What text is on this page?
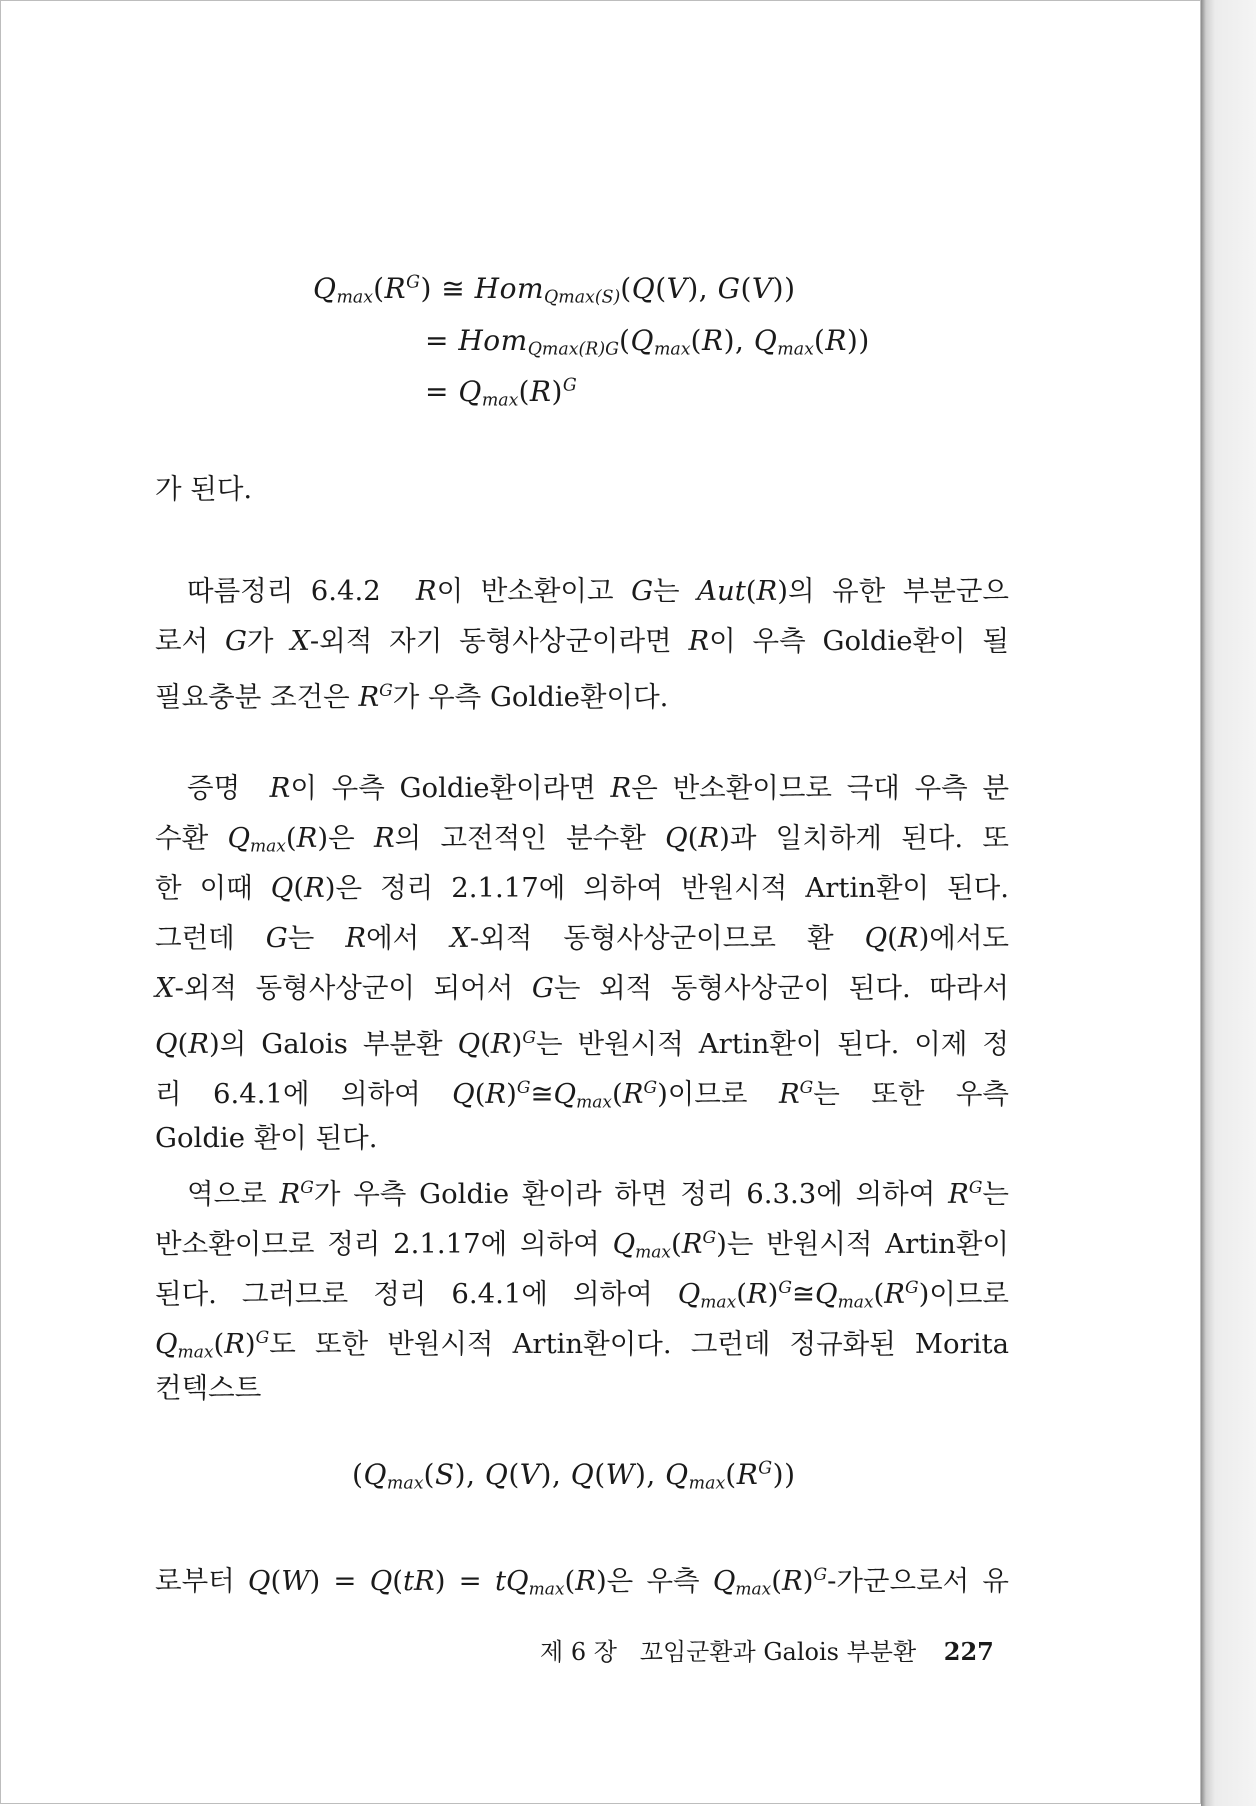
$Q_{max}(R^G)$ ≅ Hom$_{Qmax(S)}$(Q(V), G(V))
= $Hom_{Qmax(R)G}(Q_{max}(R)$, $Q_{max}(R)$)
= $Q_{max}(R)^G$
가 된다.
따름정리 6.4.2 R이 반소환이고 G는 Aut(R)의 유한 부분군으
로서 G가 X-외적 자기 동형사상군이라면 R이 우측 Goldie환이 될
필요충분 조건은 $R^G$가 우측 Goldie환이다.
증명 R이 우측 Goldie환이라면 R은 반소환이므로 극대 우측 분
수환 $Q_{max}(R)$은 R의 고전적인 분수환 Q(R)과 일치하게 된다. 또
한 이때 Q(R)은 정리 2.1.17에 의하여 반원시적 Artin환이 된다.
그런데 G는 R에서 X-외적 동형사상군이므로 환 Q(R)에서도
X-외적 동형사상군이 되어서 G는 외적 동형사상군이 된다. 따라서
Q(R)의 Galois 부분환 $Q(R)^G$는 반원시적 Artin환이 된다. 이제 정
리 6.4.1에 의하여 $Q(R)^G≅Q_{max}(R^G)$이므로 $R^G$는 또한 우측
Goldie 환이 된다.
역으로 $R^G$가 우측 Goldie 환이라 하면 정리 6.3.3에 의하여 $R^G$는
반소환이므로 정리 2.1.17에 의하여 $Q_{max}(R^G)$는 반원시적 Artin환이
된다. 그러므로 정리 6.4.1에 의하여 $Q_{max}(R)^G≅Q_{max}(R^G)$이므로
$Q_{max}(R)^G$도 또한 반원시적 Artin환이다. 그런데 정규화된 Morita
컨텍스트
($Q_{max}(S)$, Q(V), Q(W), $Q_{max}(R^G)$)
로부터 $Q(W) = Q(tR) = tQ_{max}(R)$은 우측 $Q_{max}(R)^G-$가군으로서 유
제 6 장 꼬임군환과 Galois 부분환 227
